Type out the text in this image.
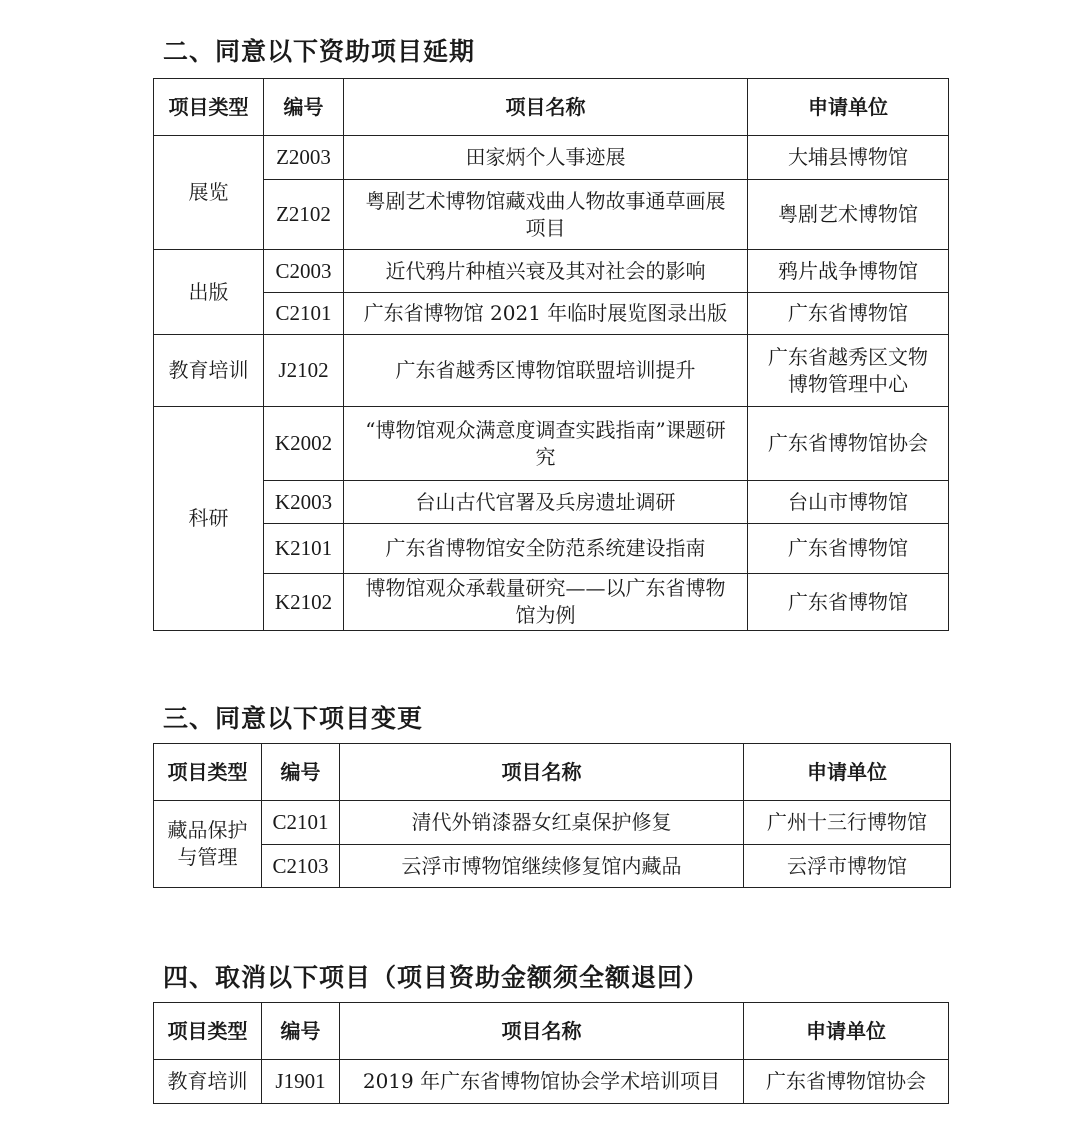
二、同意以下资助项目延期
项目类型	编号	项目名称	申请单位
展览	Z2003	田家炳个人事迹展	大埔县博物馆
	Z2102	粤剧艺术博物馆藏戏曲人物故事通草画展项目	粤剧艺术博物馆
出版	C2003	近代鸦片种植兴衰及其对社会的影响	鸦片战争博物馆
	C2101	广东省博物馆 2021 年临时展览图录出版	广东省博物馆
教育培训	J2102	广东省越秀区博物馆联盟培训提升	广东省越秀区文物博物管理中心
科研	K2002	“博物馆观众满意度调查实践指南”课题研究	广东省博物馆协会
	K2003	台山古代官署及兵房遗址调研	台山市博物馆
	K2101	广东省博物馆安全防范系统建设指南	广东省博物馆
	K2102	博物馆观众承载量研究——以广东省博物馆为例	广东省博物馆
三、同意以下项目变更
项目类型	编号	项目名称	申请单位
藏品保护与管理	C2101	清代外销漆器女红桌保护修复	广州十三行博物馆
	C2103	云浮市博物馆继续修复馆内藏品	云浮市博物馆
四、取消以下项目（项目资助金额须全额退回）
项目类型	编号	项目名称	申请单位
教育培训	J1901	2019 年广东省博物馆协会学术培训项目	广东省博物馆协会
